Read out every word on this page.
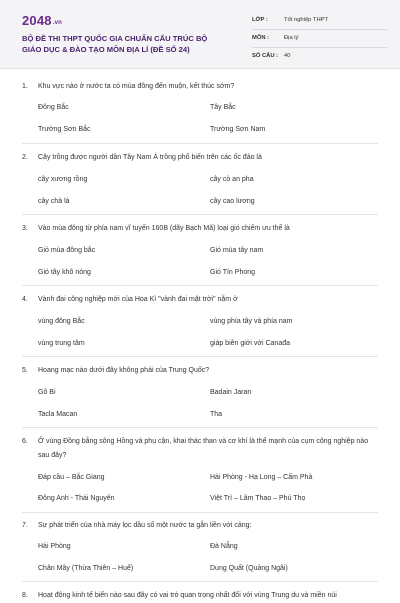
2048.vn
BỘ ĐỀ THI THPT QUỐC GIA CHUẨN CẤU TRÚC BỘ GIÁO DỤC & ĐÀO TẠO MÔN ĐỊA LÍ (ĐỀ SỐ 24)
LỚP :	Tốt nghiệp THPT
MÔN :	Địa lý
SỐ CÂU : 40
1. Khu vực nào ở nước ta có mùa đông đến muộn, kết thúc sớm?
Đông Bắc	Tây Bắc
Trường Sơn Bắc	Trường Sơn Nam
2. Cây trồng được người dân Tây Nam Á trồng phổ biến trên các ốc đảo là
cây xương rồng	cây cỏ an pha
cây chà là	cây cao lương
3. Vào mùa đông từ phía nam vĩ tuyến 160B (dãy Bạch Mã) loại gió chiếm ưu thế là
Gió mùa đông bắc	Gió mùa tây nam
Gió tây khô nóng	Gió Tín Phong
4. Vành đai công nghiệp mới của Hoa Kì "vành đai mặt trời" nằm ở
vùng đông Bắc	vùng phía tây và phía nam
vùng trung tâm	giáp biên giới với Canađa
5. Hoang mạc nào dưới đây không phải của Trung Quốc?
Gô Bi	Badain Jaran
Tacla Macan	Tha
6. Ở vùng Đồng bằng sông Hồng và phụ cận, khai thác than và cơ khí là thế mạnh của cụm công nghiệp nào sau đây?
Đáp cầu – Bắc Giang	Hải Phòng - Hạ Long – Cẩm Phả
Đông Anh - Thái Nguyên	Việt Trì – Lâm Thao – Phú Thọ
7. Sự phát triển của nhà máy lọc dầu số một nước ta gắn liền với cảng:
Hải Phòng	Đà Nẵng
Chân Mây (Thừa Thiên – Huế)	Dung Quất (Quảng Ngãi)
8. Hoạt động kinh tế biển nào sau đây có vai trò quan trọng nhất đối với vùng Trung du và miền núi
